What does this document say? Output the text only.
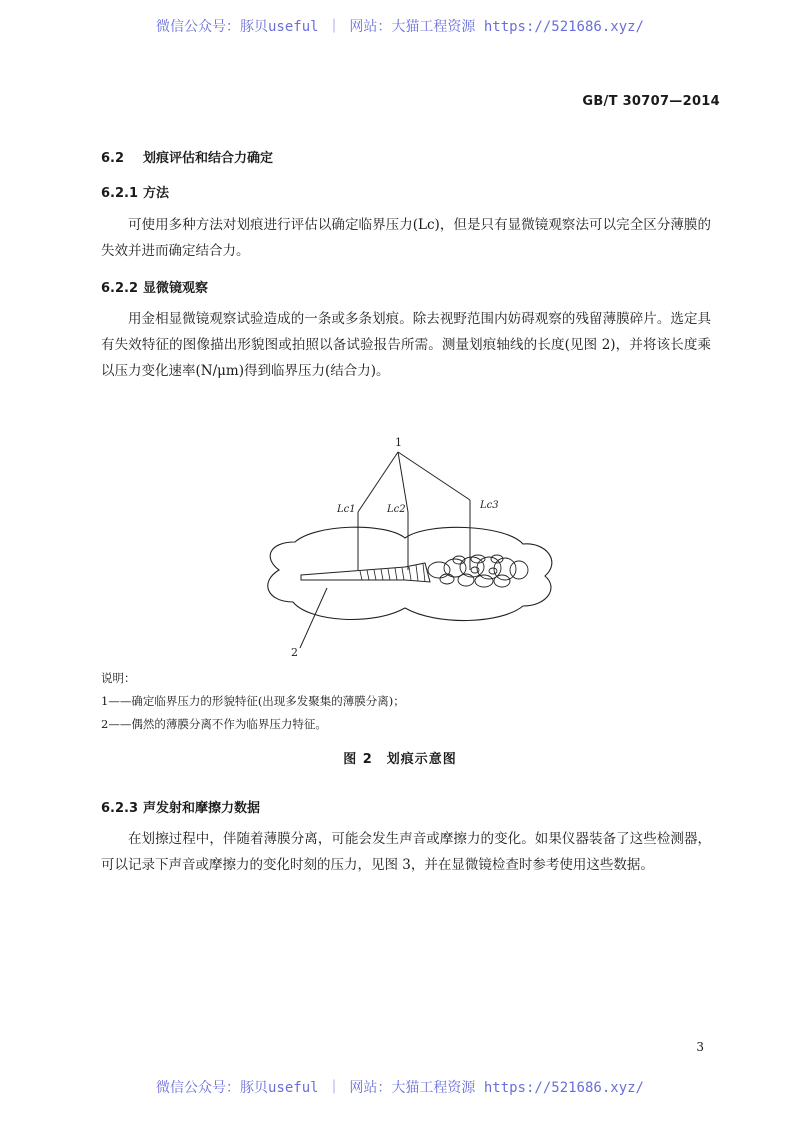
微信公众号：豚贝useful ｜ 网站：大猫工程资源 https://521686.xyz/
GB/T 30707—2014
6.2 划痕评估和结合力确定
6.2.1 方法
可使用多种方法对划痕进行评估以确定临界压力(Lc)，但是只有显微镜观察法可以完全区分薄膜的失效并进而确定结合力。
6.2.2 显微镜观察
用金相显微镜观察试验造成的一条或多条划痕。除去视野范围内妨碍观察的残留薄膜碎片。选定具有失效特征的图像描出形貌图或拍照以备试验报告所需。测量划痕轴线的长度(见图 2)，并将该长度乘以压力变化速率(N/μm)得到临界压力(结合力)。
1
2
Lc1	Lc2	Lc3
说明：
1——确定临界压力的形貌特征(出现多发聚集的薄膜分离)；
2——偶然的薄膜分离不作为临界压力特征。
图 2　划痕示意图
6.2.3 声发射和摩擦力数据
在划擦过程中，伴随着薄膜分离，可能会发生声音或摩擦力的变化。如果仪器装备了这些检测器，可以记录下声音或摩擦力的变化时刻的压力，见图 3，并在显微镜检查时参考使用这些数据。
3
微信公众号：豚贝useful ｜ 网站：大猫工程资源 https://521686.xyz/
